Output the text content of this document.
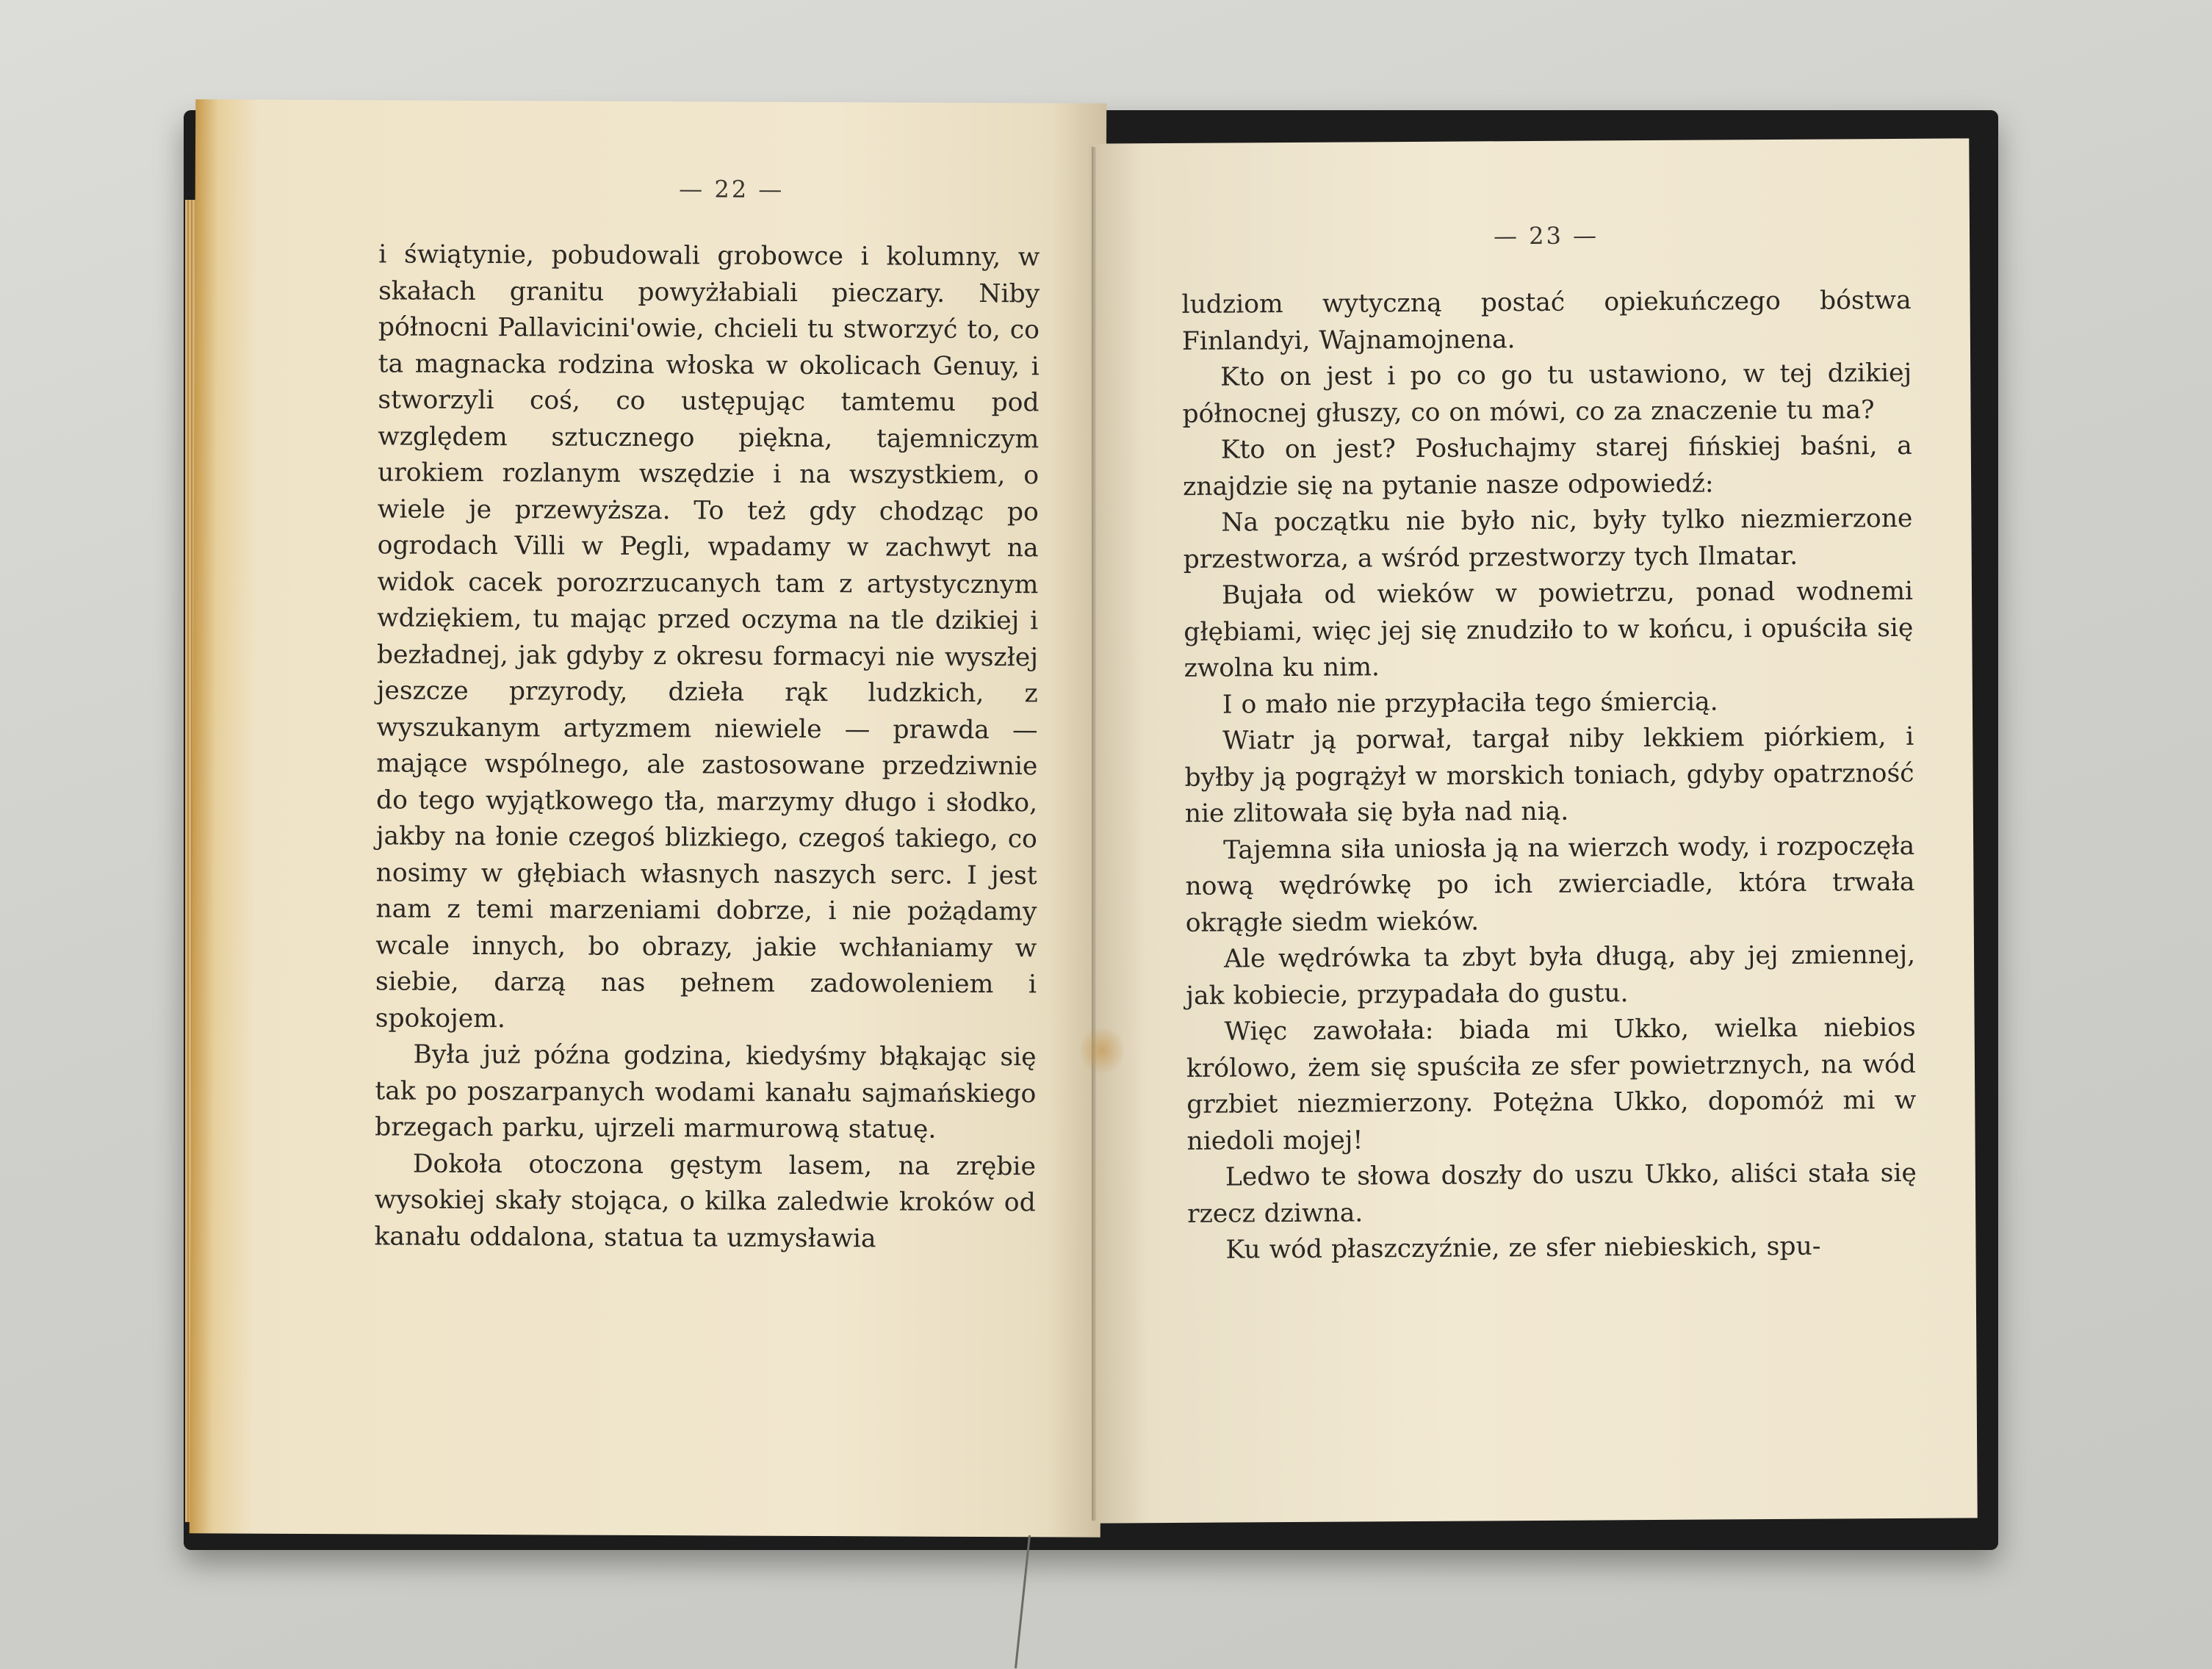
— 22 —

i świątynie, pobudowali grobowce i kolumny, w skałach granitu powyżłabiali pieczary. Niby północni Pallavicini'owie, chcieli tu stworzyć to, co ta magnacka rodzina włoska w okolicach Genuy, i stworzyli coś, co ustępując tamtemu pod względem sztucznego piękna, tajemniczym urokiem rozlanym wszędzie i na wszystkiem, o wiele je przewyższa. To też gdy chodząc po ogrodach Villi w Pegli, wpadamy w zachwyt na widok cacek porozrzucanych tam z artystycznym wdziękiem, tu mając przed oczyma na tle dzikiej i bezładnej, jak gdyby z okresu formacyi nie wyszłej jeszcze przyrody, dzieła rąk ludzkich, z wyszukanym artyzmem niewiele — prawda — mające wspólnego, ale zastosowane przedziwnie do tego wyjątkowego tła, marzymy długo i słodko, jakby na łonie czegoś blizkiego, czegoś takiego, co nosimy w głębiach własnych naszych serc. I jest nam z temi marzeniami dobrze, i nie pożądamy wcale innych, bo obrazy, jakie wchłaniamy w siebie, darzą nas pełnem zadowoleniem i spokojem.

Była już późna godzina, kiedyśmy błąkając się tak po poszarpanych wodami kanału sajmańskiego brzegach parku, ujrzeli marmurową statuę.

Dokoła otoczona gęstym lasem, na zrębie wysokiej skały stojąca, o kilka zaledwie kroków od kanału oddalona, statua ta uzmysławia

— 23 —

ludziom wytyczną postać opiekuńczego bóstwa Finlandyi, Wajnamojnena.

Kto on jest i po co go tu ustawiono, w tej dzikiej północnej głuszy, co on mówi, co za znaczenie tu ma?

Kto on jest? Posłuchajmy starej fińskiej baśni, a znajdzie się na pytanie nasze odpowiedź:

Na początku nie było nic, były tylko niezmierzone przestworza, a wśród przestworzy tych Ilmatar.

Bujała od wieków w powietrzu, ponad wodnemi głębiami, więc jej się znudziło to w końcu, i opuściła się zwolna ku nim.

I o mało nie przypłaciła tego śmiercią.

Wiatr ją porwał, targał niby lekkiem piórkiem, i byłby ją pogrążył w morskich toniach, gdyby opatrzność nie zlitowała się była nad nią.

Tajemna siła uniosła ją na wierzch wody, i rozpoczęła nową wędrówkę po ich zwierciadle, która trwała okrągłe siedm wieków.

Ale wędrówka ta zbyt była długą, aby jej zmiennej, jak kobiecie, przypadała do gustu.

Więc zawołała: biada mi Ukko, wielka niebios królowo, żem się spuściła ze sfer powietrznych, na wód grzbiet niezmierzony. Potężna Ukko, dopomóż mi w niedoli mojej!

Ledwo te słowa doszły do uszu Ukko, aliści stała się rzecz dziwna.

Ku wód płaszczyźnie, ze sfer niebieskich, spu-
